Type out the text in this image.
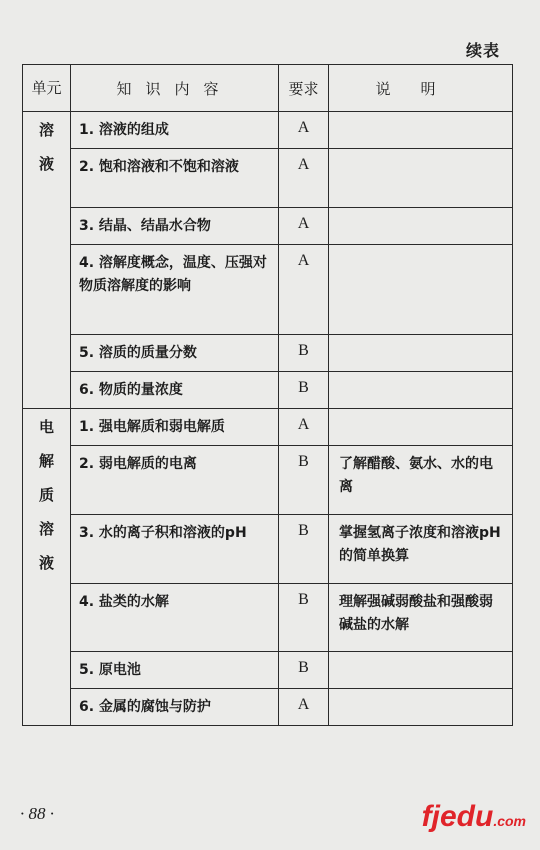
续表
单元	知识内容	要求	说明

溶液	1. 溶液的组成	A	
	2. 饱和溶液和不饱和溶液	A	
	3. 结晶、结晶水合物	A	
	4. 溶解度概念，温度、压强对物质溶解度的影响	A	
	5. 溶质的质量分数	B	
	6. 物质的量浓度	B	

电解质溶液	1. 强电解质和弱电解质	A	
	2. 弱电解质的电离	B	了解醋酸、氨水、水的电离
	3. 水的离子积和溶液的pH	B	掌握氢离子浓度和溶液pH的简单换算
	4. 盐类的水解	B	理解强碱弱酸盐和强酸弱碱盐的水解
	5. 原电池	B	
	6. 金属的腐蚀与防护	A	
· 88 ·	fjedu.com
